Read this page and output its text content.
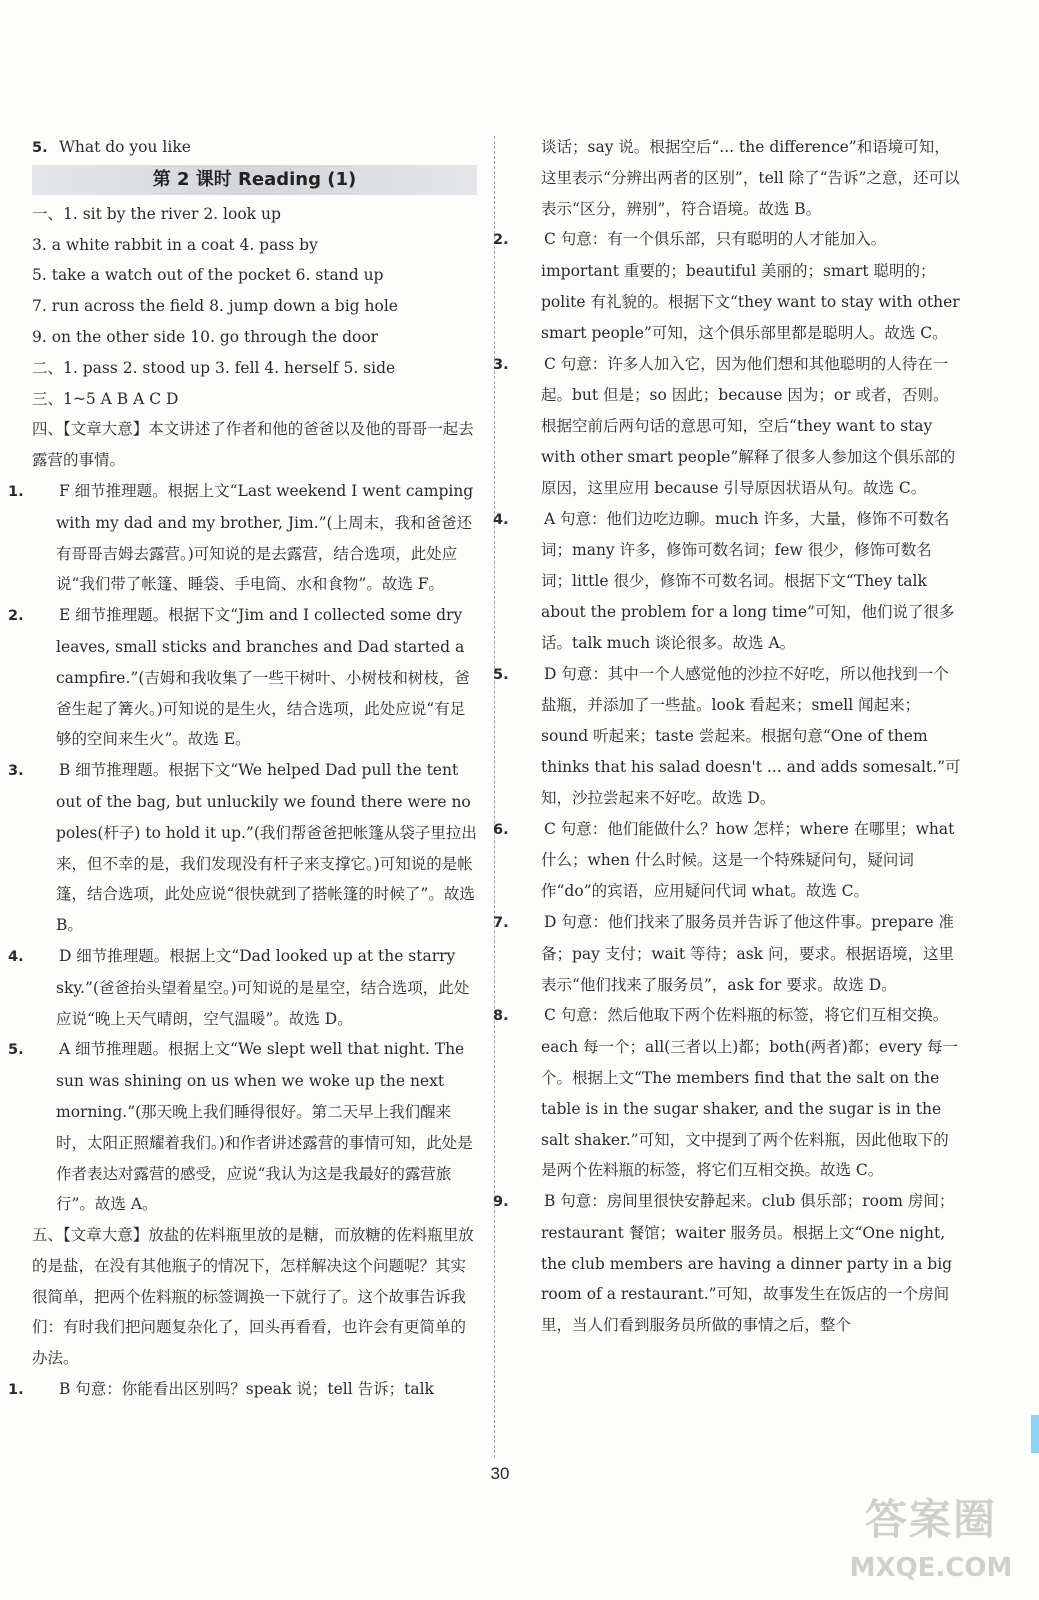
5. What do you like
第 2 课时 Reading (1)
一、1. sit by the river 2. look up
3. a white rabbit in a coat 4. pass by
5. take a watch out of the pocket 6. stand up
7. run across the field 8. jump down a big hole
9. on the other side 10. go through the door
二、1. pass 2. stood up 3. fell 4. herself 5. side
三、1~5 A B A C D
四、【文章大意】本文讲述了作者和他的爸爸以及他的哥哥一起去露营的事情。
1. F 细节推理题。根据上文“Last weekend I went camping with my dad and my brother, Jim.”(上周末，我和爸爸还有哥哥吉姆去露营。)可知说的是去露营，结合选项，此处应说“我们带了帐篷、睡袋、手电筒、水和食物”。故选 F。
2. E 细节推理题。根据下文“Jim and I collected some dry leaves, small sticks and branches and Dad started a campfire.”(吉姆和我收集了一些干树叶、小树枝和树枝，爸爸生起了篝火。)可知说的是生火，结合选项，此处应说“有足够的空间来生火”。故选 E。
3. B 细节推理题。根据下文“We helped Dad pull the tent out of the bag, but unluckily we found there were no poles(杆子) to hold it up.”(我们帮爸爸把帐篷从袋子里拉出来，但不幸的是，我们发现没有杆子来支撑它。)可知说的是帐篷，结合选项，此处应说“很快就到了搭帐篷的时候了”。故选 B。
4. D 细节推理题。根据上文“Dad looked up at the starry sky.”(爸爸抬头望着星空。)可知说的是星空，结合选项，此处应说“晚上天气晴朗，空气温暖”。故选 D。
5. A 细节推理题。根据上文“We slept well that night. The sun was shining on us when we woke up the next morning.”(那天晚上我们睡得很好。第二天早上我们醒来时，太阳正照耀着我们。)和作者讲述露营的事情可知，此处是作者表达对露营的感受，应说“我认为这是我最好的露营旅行”。故选 A。
五、【文章大意】放盐的佐料瓶里放的是糖，而放糖的佐料瓶里放的是盐，在没有其他瓶子的情况下，怎样解决这个问题呢？其实很简单，把两个佐料瓶的标签调换一下就行了。这个故事告诉我们：有时我们把问题复杂化了，回头再看看，也许会有更简单的办法。
1. B 句意：你能看出区别吗？speak 说；tell 告诉；talk
谈话；say 说。根据空后“... the difference”和语境可知，这里表示“分辨出两者的区别”，tell 除了“告诉”之意，还可以表示“区分，辨别”，符合语境。故选 B。
2. C 句意：有一个俱乐部，只有聪明的人才能加入。important 重要的；beautiful 美丽的；smart 聪明的；polite 有礼貌的。根据下文“they want to stay with other smart people”可知，这个俱乐部里都是聪明人。故选 C。
3. C 句意：许多人加入它，因为他们想和其他聪明的人待在一起。but 但是；so 因此；because 因为；or 或者，否则。根据空前后两句话的意思可知，空后“they want to stay with other smart people”解释了很多人参加这个俱乐部的原因，这里应用 because 引导原因状语从句。故选 C。
4. A 句意：他们边吃边聊。much 许多，大量，修饰不可数名词；many 许多，修饰可数名词；few 很少，修饰可数名词；little 很少，修饰不可数名词。根据下文“They talk about the problem for a long time”可知，他们说了很多话。talk much 谈论很多。故选 A。
5. D 句意：其中一个人感觉他的沙拉不好吃，所以他找到一个盐瓶，并添加了一些盐。look 看起来；smell 闻起来；sound 听起来；taste 尝起来。根据句意“One of them thinks that his salad doesn't ... and adds somesalt.”可知，沙拉尝起来不好吃。故选 D。
6. C 句意：他们能做什么？how 怎样；where 在哪里；what 什么；when 什么时候。这是一个特殊疑问句，疑问词作“do”的宾语，应用疑问代词 what。故选 C。
7. D 句意：他们找来了服务员并告诉了他这件事。prepare 准备；pay 支付；wait 等待；ask 问，要求。根据语境，这里表示“他们找来了服务员”，ask for 要求。故选 D。
8. C 句意：然后他取下两个佐料瓶的标签，将它们互相交换。each 每一个；all(三者以上)都；both(两者)都；every 每一个。根据上文“The members find that the salt on the table is in the sugar shaker, and the sugar is in the salt shaker.”可知，文中提到了两个佐料瓶，因此他取下的是两个佐料瓶的标签，将它们互相交换。故选 C。
9. B 句意：房间里很快安静起来。club 俱乐部；room 房间；restaurant 餐馆；waiter 服务员。根据上文“One night, the club members are having a dinner party in a big room of a restaurant.”可知，故事发生在饭店的一个房间里，当人们看到服务员所做的事情之后，整个
30
答案圈
MXQE.COM
